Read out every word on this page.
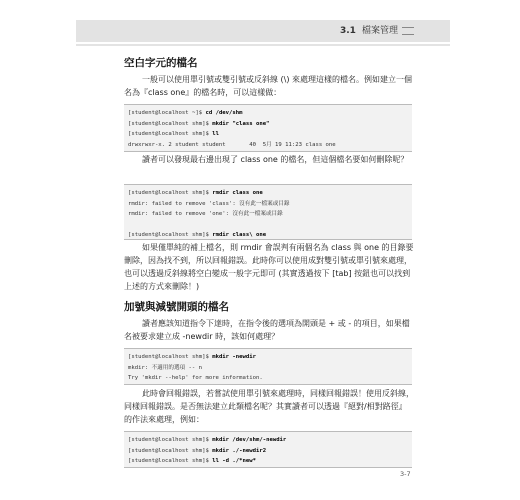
3.1 檔案管理
空白字元的檔名
一般可以使用單引號或雙引號或反斜線 (\) 來處理這樣的檔名。例如建立一個名為『class one』的檔名時，可以這樣做：
[student@localhost ~]$ cd /dev/shm
[student@localhost shm]$ mkdir "class one"
[student@localhost shm]$ ll
drwxrwxr-x. 2 student student       40  5月 19 11:23 class one
讀者可以發現最右邊出現了 class one 的檔名，但這個檔名要如何刪除呢？
[student@localhost shm]$ rmdir class one
rmdir: failed to remove 'class': 沒有此一檔案或目錄
rmdir: failed to remove 'one': 沒有此一檔案或目錄
[student@localhost shm]$ rmdir class\ one
如果僅單純的補上檔名，則 rmdir 會誤判有兩個名為 class 與 one 的目錄要刪除，因為找不到，所以回報錯誤。此時你可以使用成對雙引號或單引號來處理，也可以透過反斜線將空白變成一般字元即可 (其實透過按下 [tab] 按鈕也可以找到上述的方式來刪除！)
加號與減號開頭的檔名
讀者應該知道指令下達時，在指令後的選項為開頭是 + 或 - 的項目，如果檔名被要求建立成 -newdir 時，該如何處理？
[student@localhost shm]$ mkdir -newdir
mkdir: 不適用的選項 -- n
Try 'mkdir --help' for more information.
此時會回報錯誤，若嘗試使用單引號來處理時，同樣回報錯誤！使用反斜線，同樣回報錯誤。是否無法建立此類檔名呢？其實讀者可以透過『絕對/相對路徑』的作法來處理，例如：
[student@localhost shm]$ mkdir /dev/shm/-newdir
[student@localhost shm]$ mkdir ./-newdir2
[student@localhost shm]$ ll -d ./*new*
3-7
